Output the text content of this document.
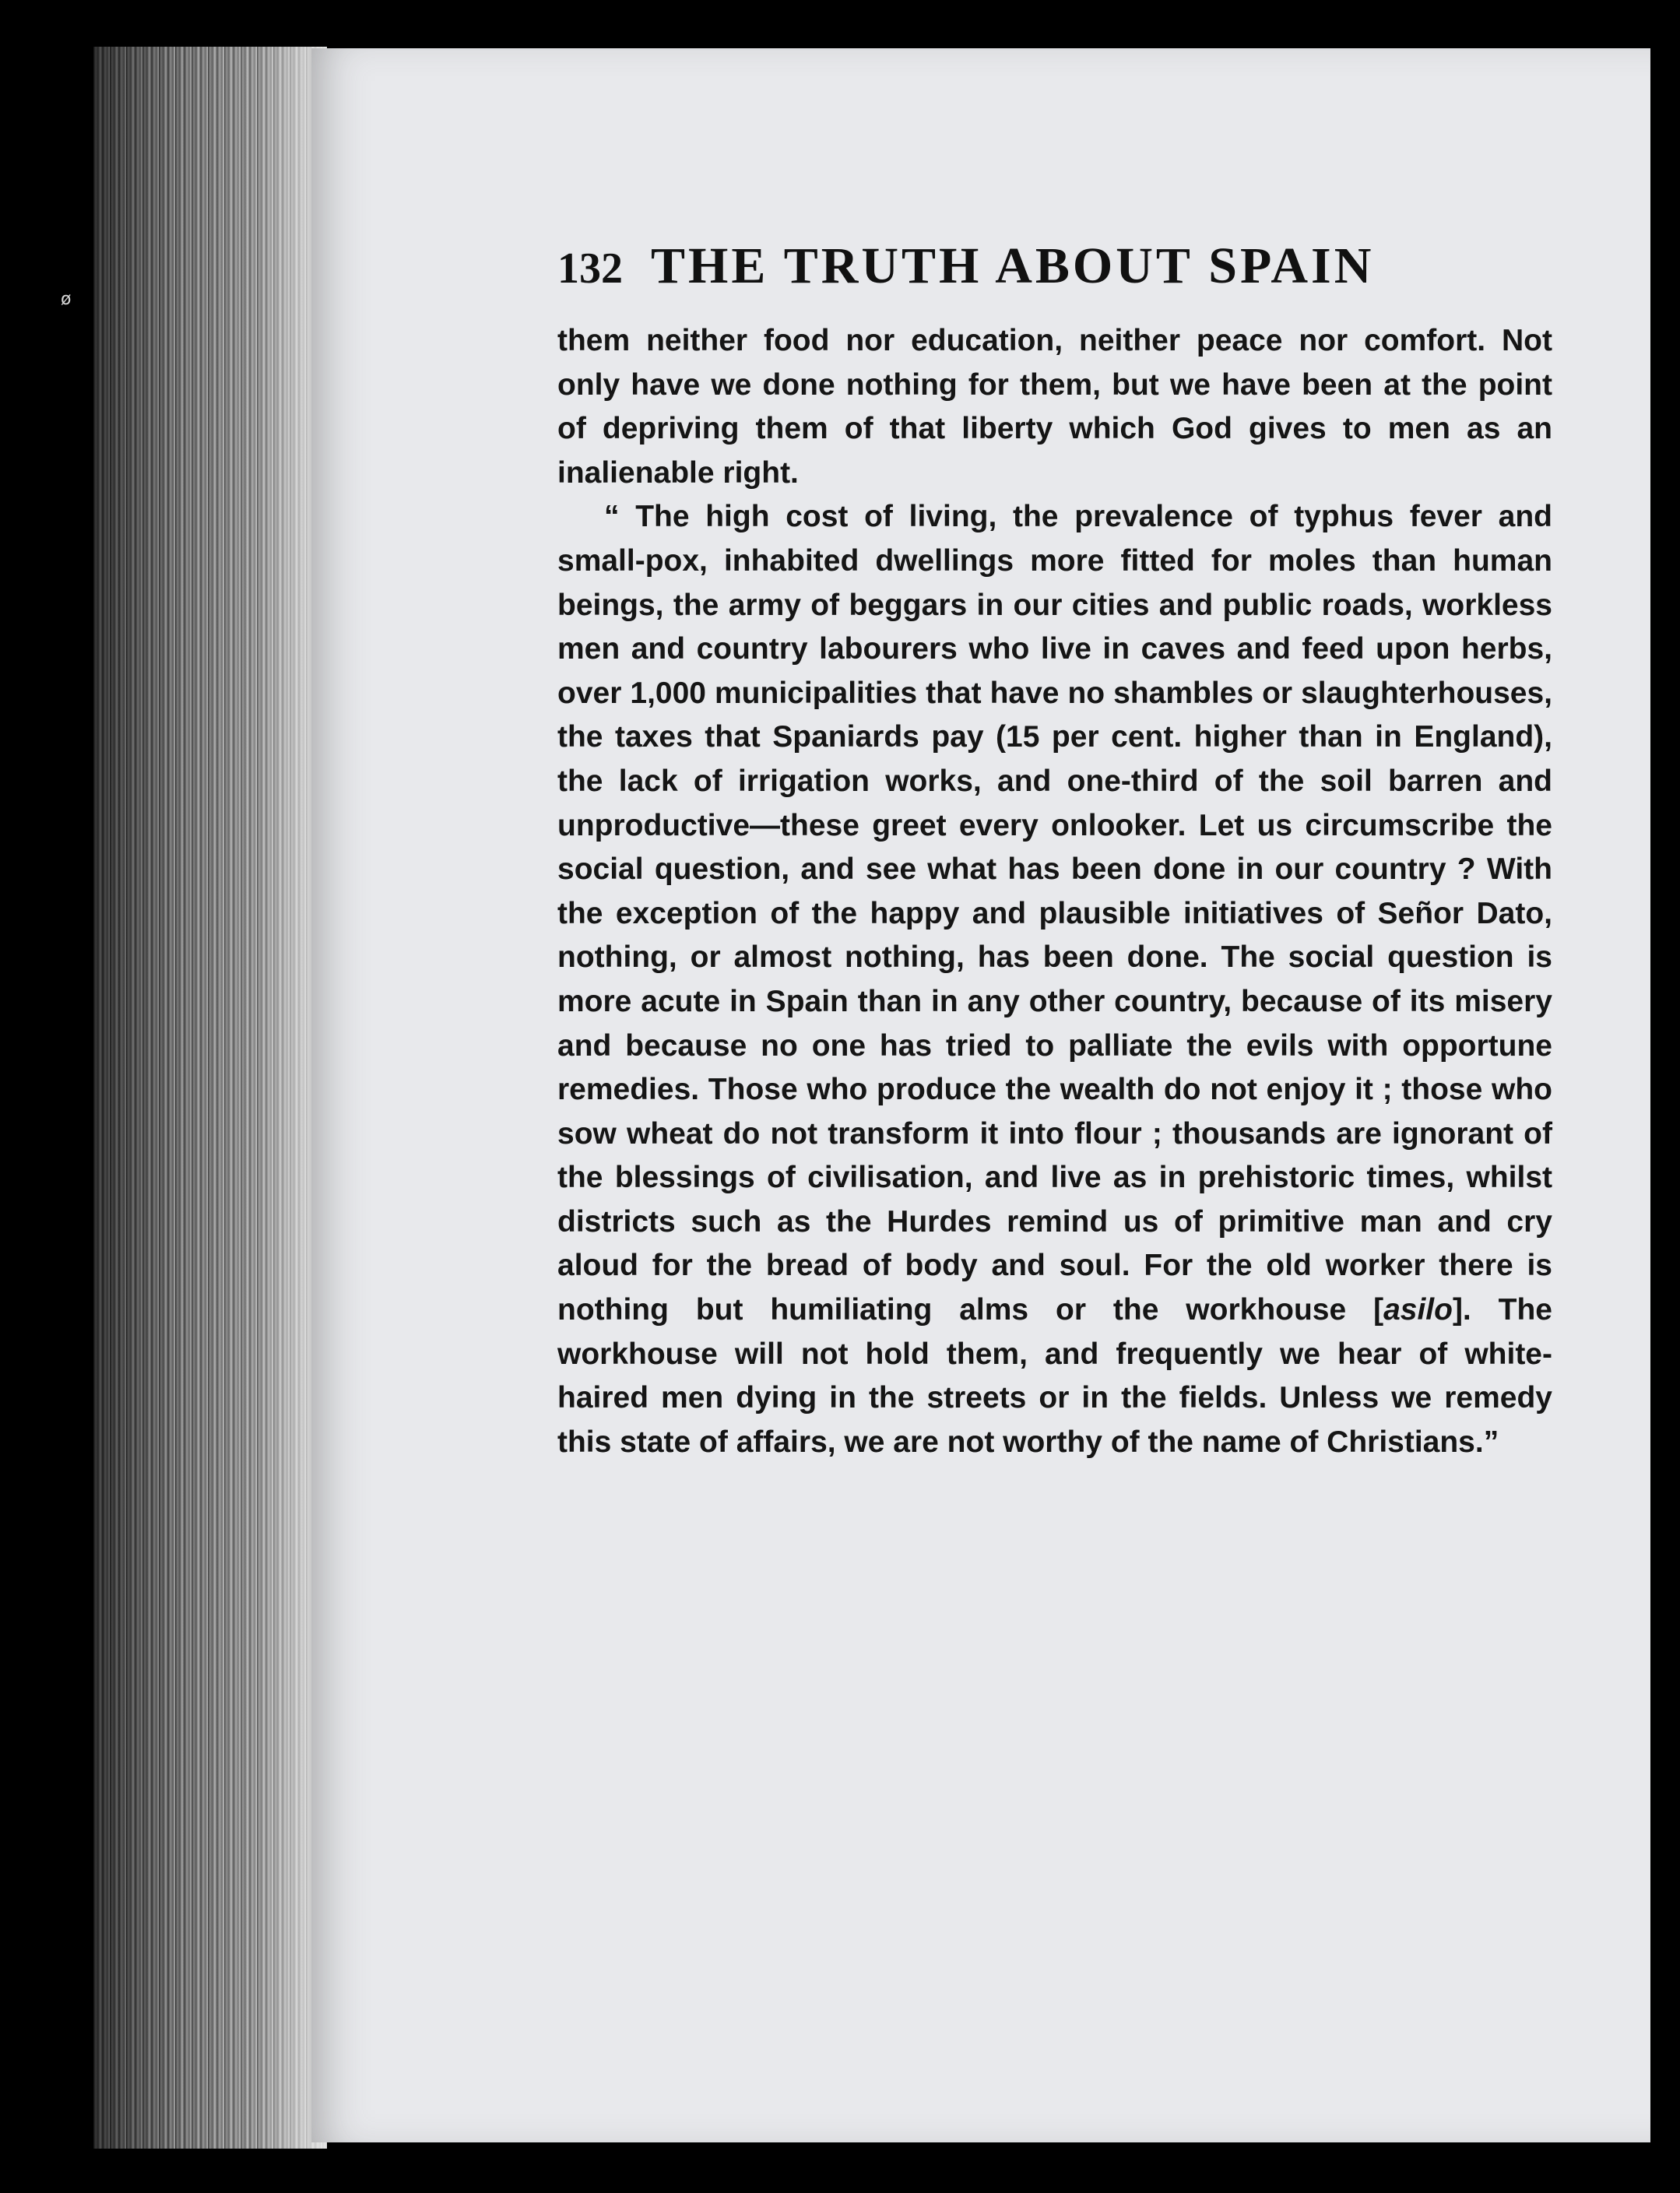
ø
132 THE TRUTH ABOUT SPAIN

them neither food nor education, neither peace nor comfort. Not only have we done nothing for them, but we have been at the point of depriving them of that liberty which God gives to men as an inalienable right.

“ The high cost of living, the prevalence of typhus fever and small-pox, inhabited dwellings more fitted for moles than human beings, the army of beggars in our cities and public roads, workless men and country labourers who live in caves and feed upon herbs, over 1,000 municipalities that have no shambles or slaughterhouses, the taxes that Spaniards pay (15 per cent. higher than in England), the lack of irrigation works, and one-third of the soil barren and unproductive—these greet every onlooker. Let us circumscribe the social question, and see what has been done in our country ? With the exception of the happy and plausible initiatives of Señor Dato, nothing, or almost nothing, has been done. The social question is more acute in Spain than in any other country, because of its misery and because no one has tried to palliate the evils with opportune remedies. Those who produce the wealth do not enjoy it ; those who sow wheat do not transform it into flour ; thousands are ignorant of the blessings of civilisation, and live as in prehistoric times, whilst districts such as the Hurdes remind us of primitive man and cry aloud for the bread of body and soul. For the old worker there is nothing but humiliating alms or the workhouse [asilo]. The workhouse will not hold them, and frequently we hear of white-haired men dying in the streets or in the fields. Unless we remedy this state of affairs, we are not worthy of the name of Christians.”
